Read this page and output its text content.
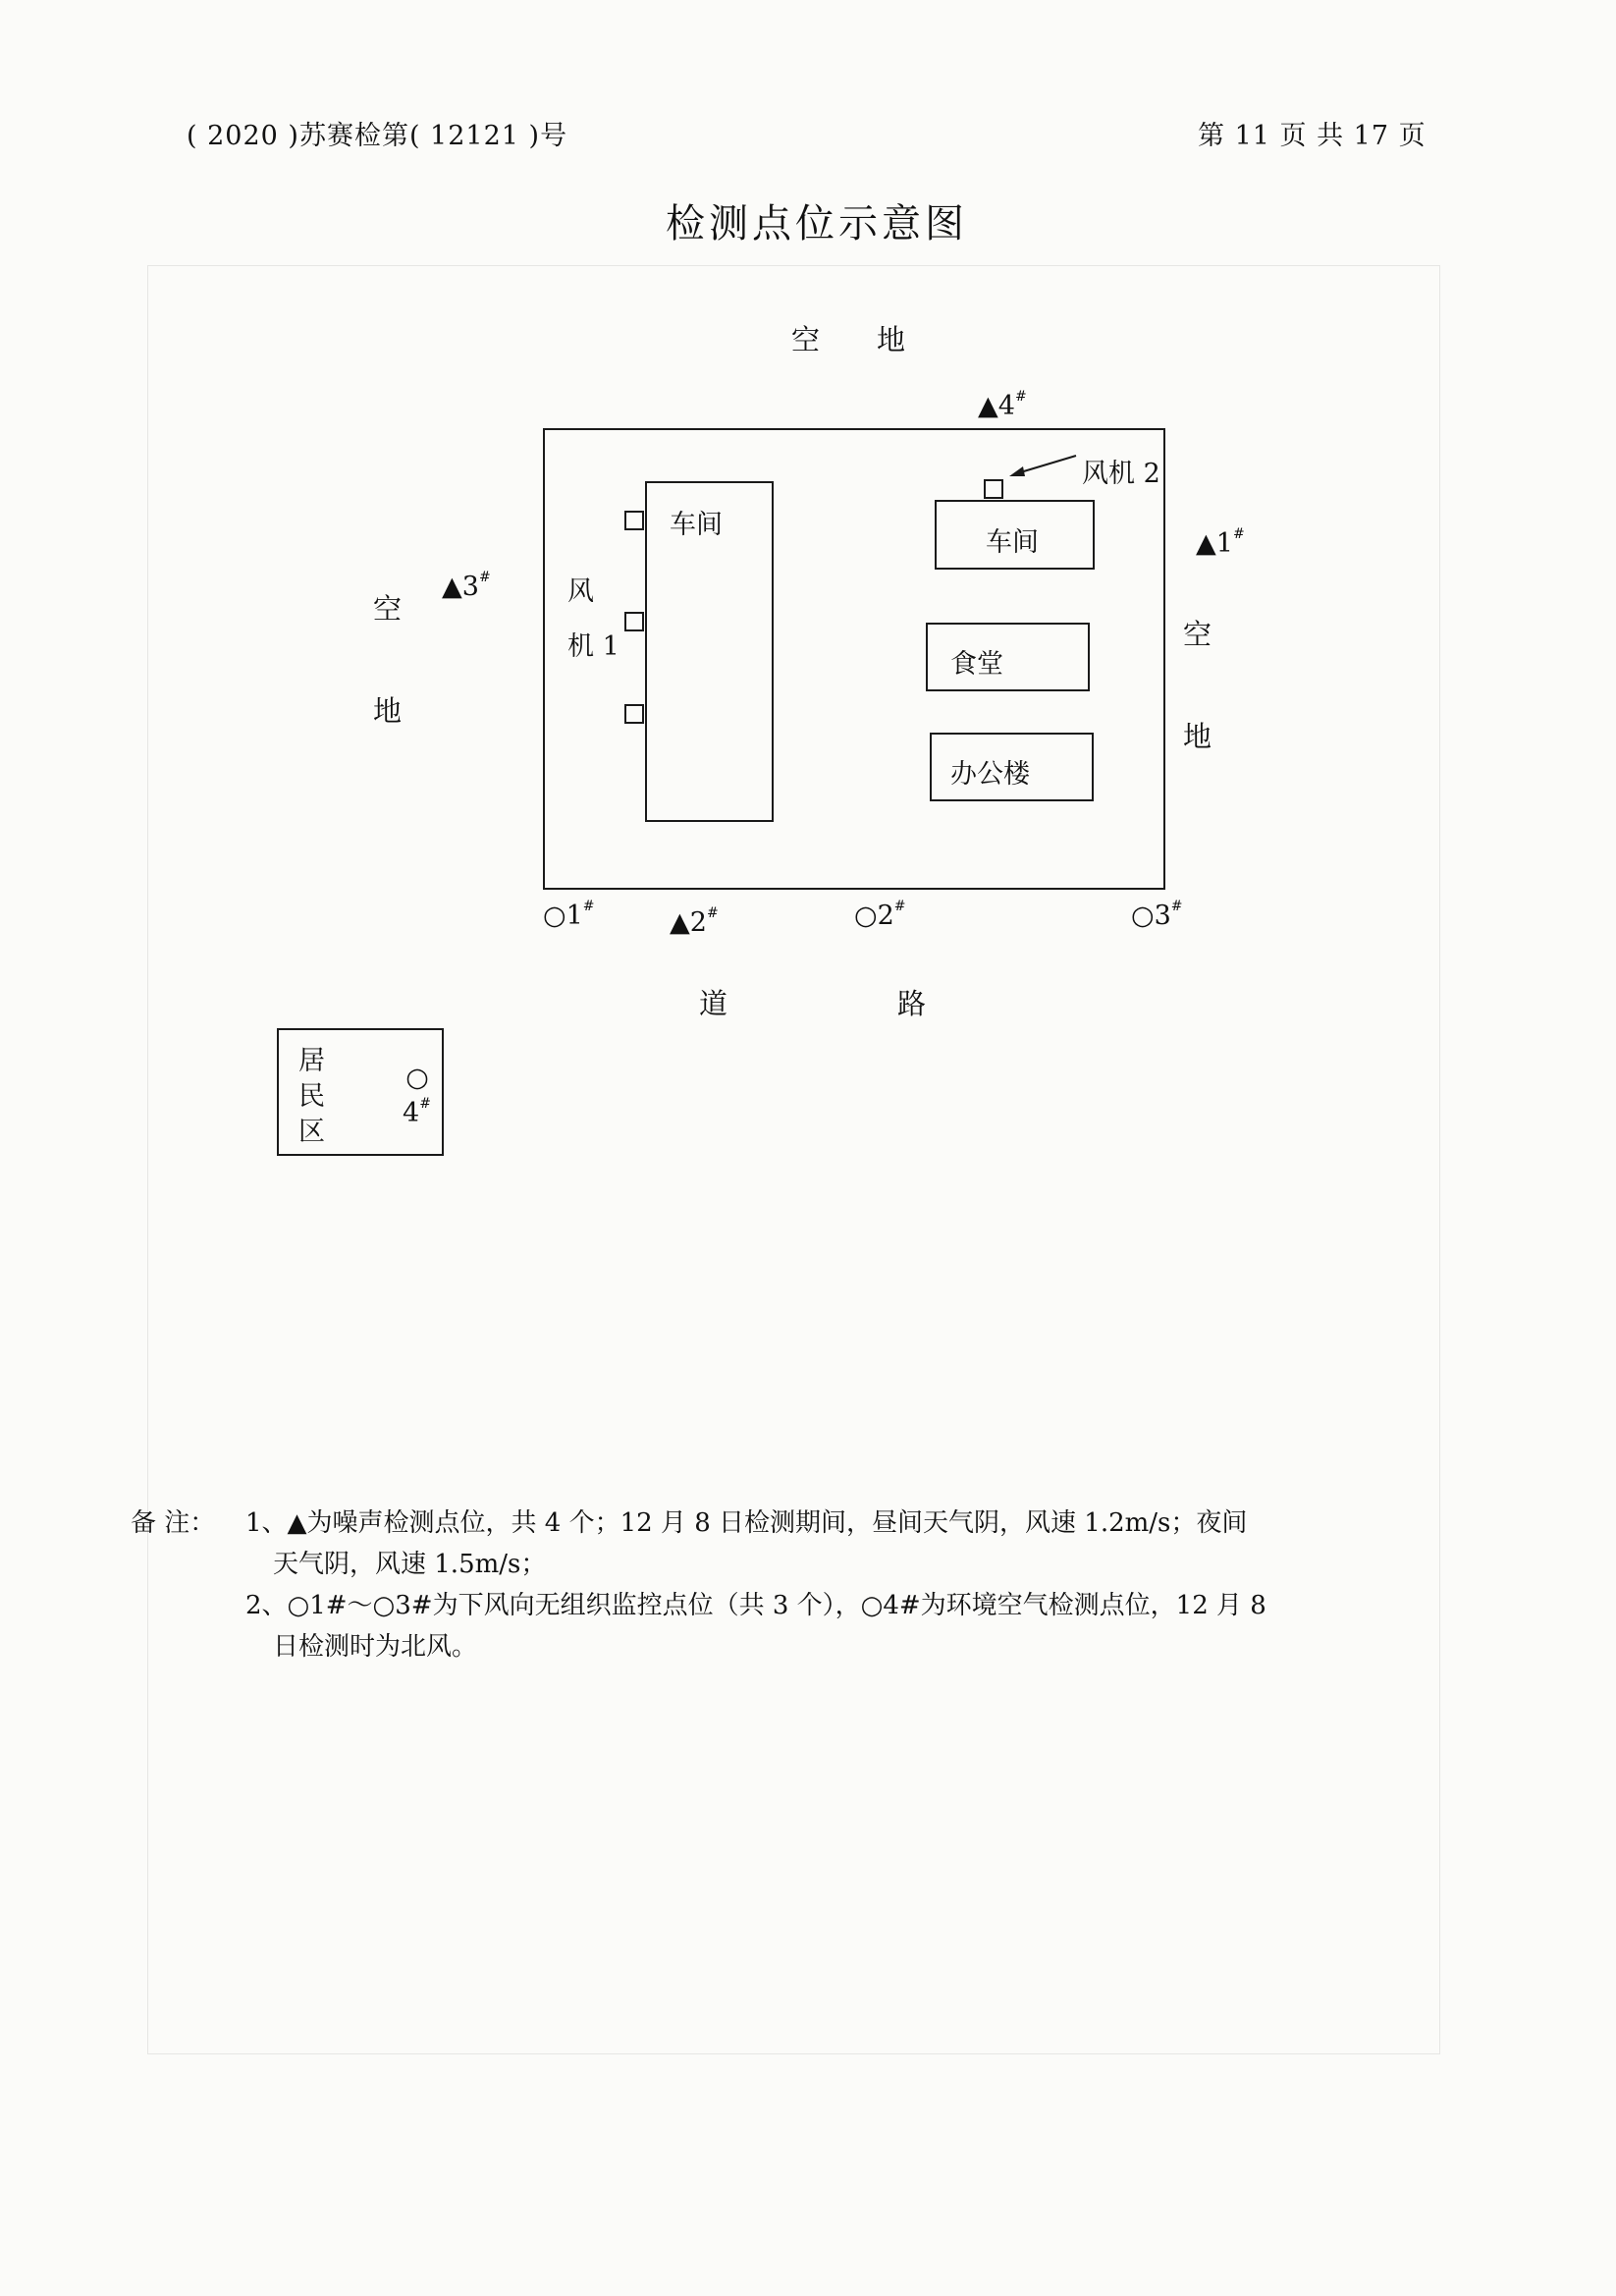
( 2020 )苏赛检第( 12121 )号	第 11 页 共 17 页
检测点位示意图
空　　地
空
地
空
地
道	路
车间
风
机 1
车间
风机 2
食堂
办公楼
▲1#
▲2#
▲3#
▲4#
○1#	○2#	○3#
居
民
区
○
4#
备 注： 1、▲为噪声检测点位，共 4 个；12 月 8 日检测期间，昼间天气阴，风速 1.2m/s；夜间
天气阴，风速 1.5m/s；
2、○1#～○3#为下风向无组织监控点位（共 3 个），○4#为环境空气检测点位，12 月 8
日检测时为北风。
